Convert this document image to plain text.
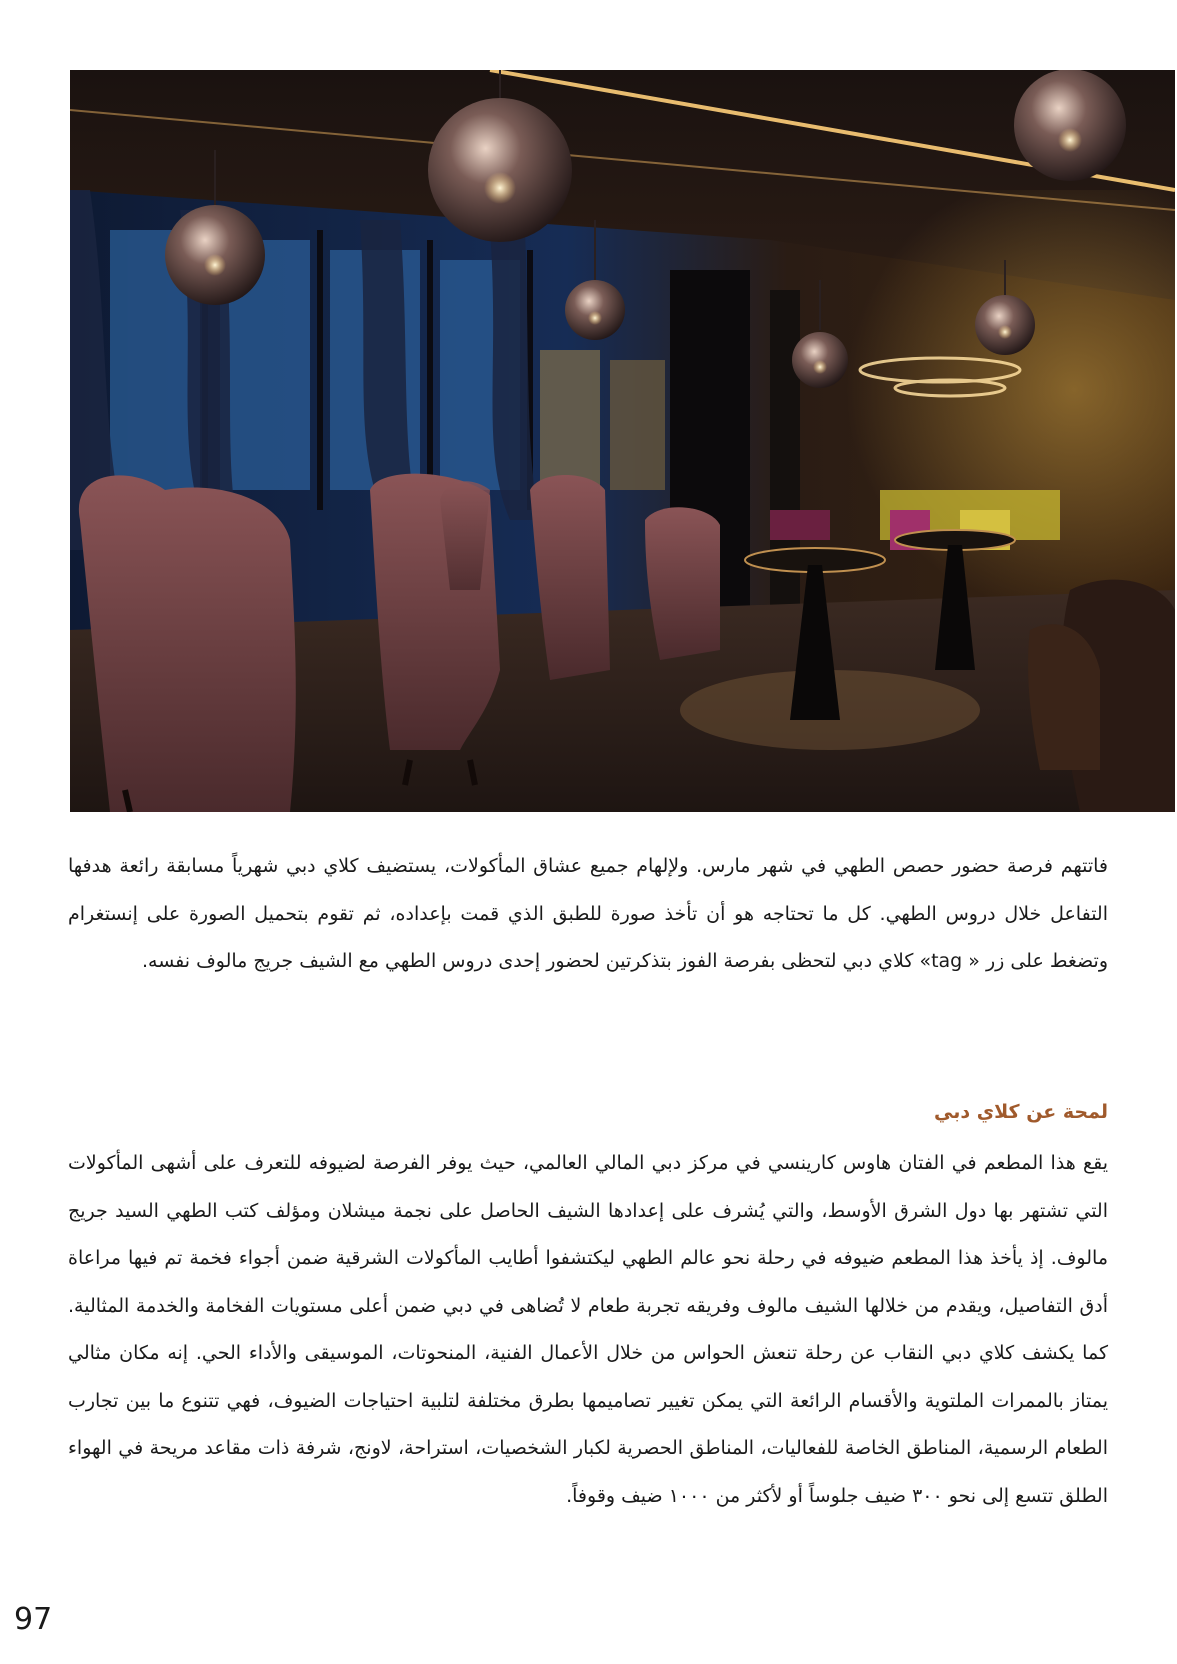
فاتتهم فرصة حضور حصص الطهي في شهر مارس. ولإلهام جميع عشاق المأكولات، يستضيف كلاي دبي شهرياً مسابقة رائعة هدفها التفاعل خلال دروس الطهي. كل ما تحتاجه هو أن تأخذ صورة للطبق الذي قمت بإعداده، ثم تقوم بتحميل الصورة على إنستغرام وتضغط على زر « tag» كلاي دبي لتحظى بفرصة الفوز بتذكرتين لحضور إحدى دروس الطهي مع الشيف جريج مالوف نفسه.

لمحة عن كلاي دبي

يقع هذا المطعم في الفتان هاوس كارينسي في مركز دبي المالي العالمي، حيث يوفر الفرصة لضيوفه للتعرف على أشهى المأكولات التي تشتهر بها دول الشرق الأوسط، والتي يُشرف على إعدادها الشيف الحاصل على نجمة ميشلان ومؤلف كتب الطهي السيد جريج مالوف. إذ يأخذ هذا المطعم ضيوفه في رحلة نحو عالم الطهي ليكتشفوا أطايب المأكولات الشرقية ضمن أجواء فخمة تم فيها مراعاة أدق التفاصيل، ويقدم من خلالها الشيف مالوف وفريقه تجربة طعام لا تُضاهى في دبي ضمن أعلى مستويات الفخامة والخدمة المثالية. كما يكشف كلاي دبي النقاب عن رحلة تنعش الحواس من خلال الأعمال الفنية، المنحوتات، الموسيقى والأداء الحي. إنه مكان مثالي يمتاز بالممرات الملتوية والأقسام الرائعة التي يمكن تغيير تصاميمها بطرق مختلفة لتلبية احتياجات الضيوف، فهي تتنوع ما بين تجارب الطعام الرسمية، المناطق الخاصة للفعاليات، المناطق الحصرية لكبار الشخصيات، استراحة، لاونج، شرفة ذات مقاعد مريحة في الهواء الطلق تتسع إلى نحو ٣٠٠ ضيف جلوساً أو لأكثر من ١٠٠٠ ضيف وقوفاً.

97
